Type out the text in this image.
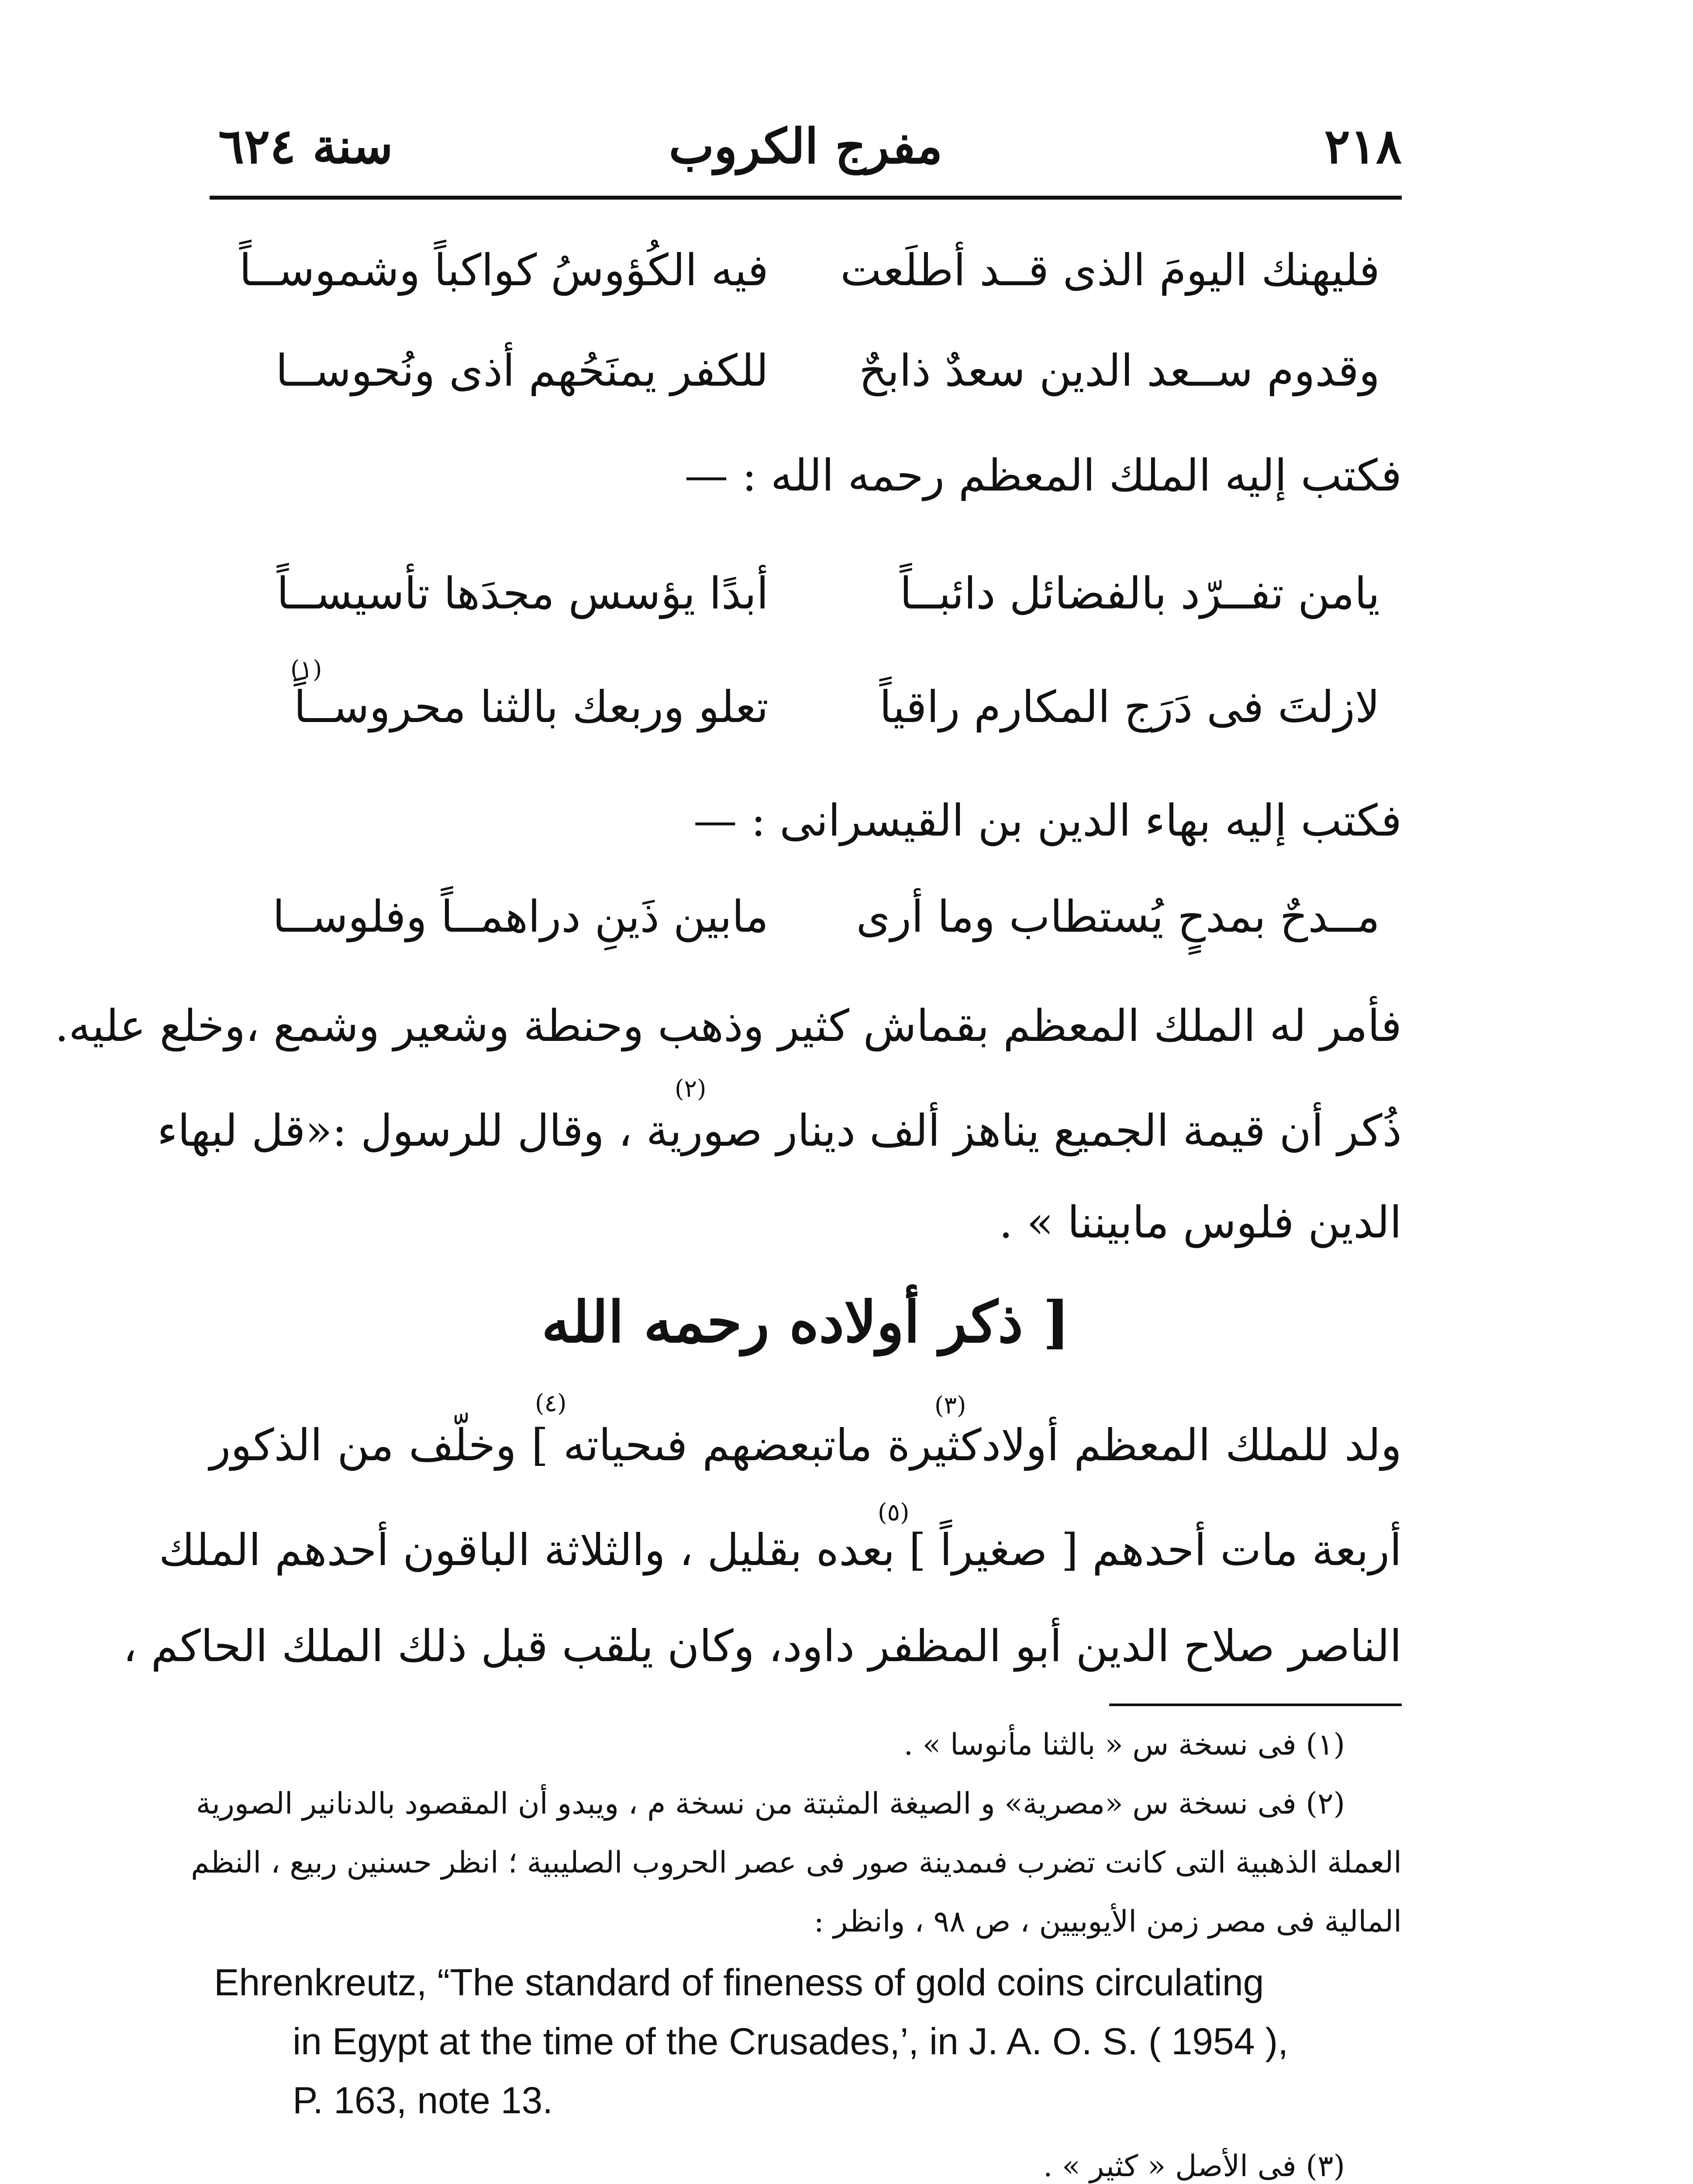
سنة ٦٢٤	مفرج الكروب	٢١٨
فليهنك اليومَ الذى قــد أطلَعت
فيه الكُؤوسُ كواكباً وشموســاً
وقدوم ســعد الدين سعدٌ ذابحٌ
للكفر يمنَحُهم أذى ونُحوســا
فكتب إليه الملك المعظم رحمه الله : —
يامن تفــرّد بالفضائل دائبــاً
أبدًا يؤسس مجدَها تأسيســاً
(١)
لازلتَ فى دَرَج المكارم راقياً
تعلو وربعك بالثنا محروســاً
فكتب إليه بهاء الدين بن القيسرانى : —
مــدحٌ بمدحٍ يُستطاب وما أرى
مابين ذَينِ دراهمــاً وفلوســا
فأمر له الملك المعظم بقماش كثير وذهب وحنطة وشعير وشمع ،وخلع عليه.
(٢)
ذُكر أن قيمة الجميع يناهز ألف دينار صورية ، وقال للرسول :«قل لبهاء
الدين فلوس مابيننا » .
[ ذكر أولاده رحمه الله
(٣)
(٤)
ولد للملك المعظم أولادكثيرة ماتبعضهم فىحياته ] وخلّف من الذكور
(٥)
أربعة مات أحدهم [ صغيراً ] بعده بقليل ، والثلاثة الباقون أحدهم الملك
الناصر صلاح الدين أبو المظفر داود، وكان يلقب قبل ذلك الملك الحاكم ،
(١) فى نسخة س « بالثنا مأنوسا » .
(٢) فى نسخة س «مصرية» و الصيغة المثبتة من نسخة م ، ويبدو أن المقصود بالدنانير الصورية
العملة الذهبية التى كانت تضرب فىمدينة صور فى عصر الحروب الصليبية ؛ انظر حسنين ربيع ، النظم
المالية فى مصر زمن الأيوبيين ، ص ٩٨ ، وانظر :
Ehrenkreutz, “The standard of fineness of gold coins circulating
in Egypt at the time of the Crusades,’, in J. A. O. S. ( 1954 ),
P. 163, note 13.
(٣) فى الأصل « كثير » .
